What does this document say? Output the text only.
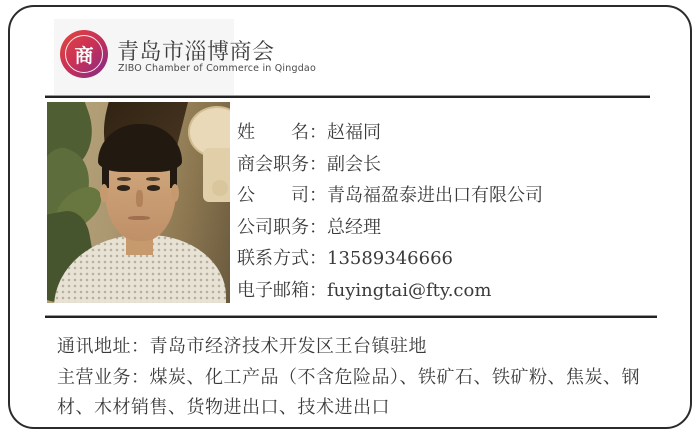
商	青岛市淄博商会
ZIBO Chamber of Commerce in Qingdao
姓　　名：赵福同
商会职务：副会长
公　　司：青岛福盈泰进出口有限公司
公司职务：总经理
联系方式：13589346666
电子邮箱：fuyingtai@fty.com

通讯地址：青岛市经济技术开发区王台镇驻地

主营业务：煤炭、化工产品（不含危险品）、铁矿石、铁矿粉、焦炭、钢材、木材销售、货物进出口、技术进出口
